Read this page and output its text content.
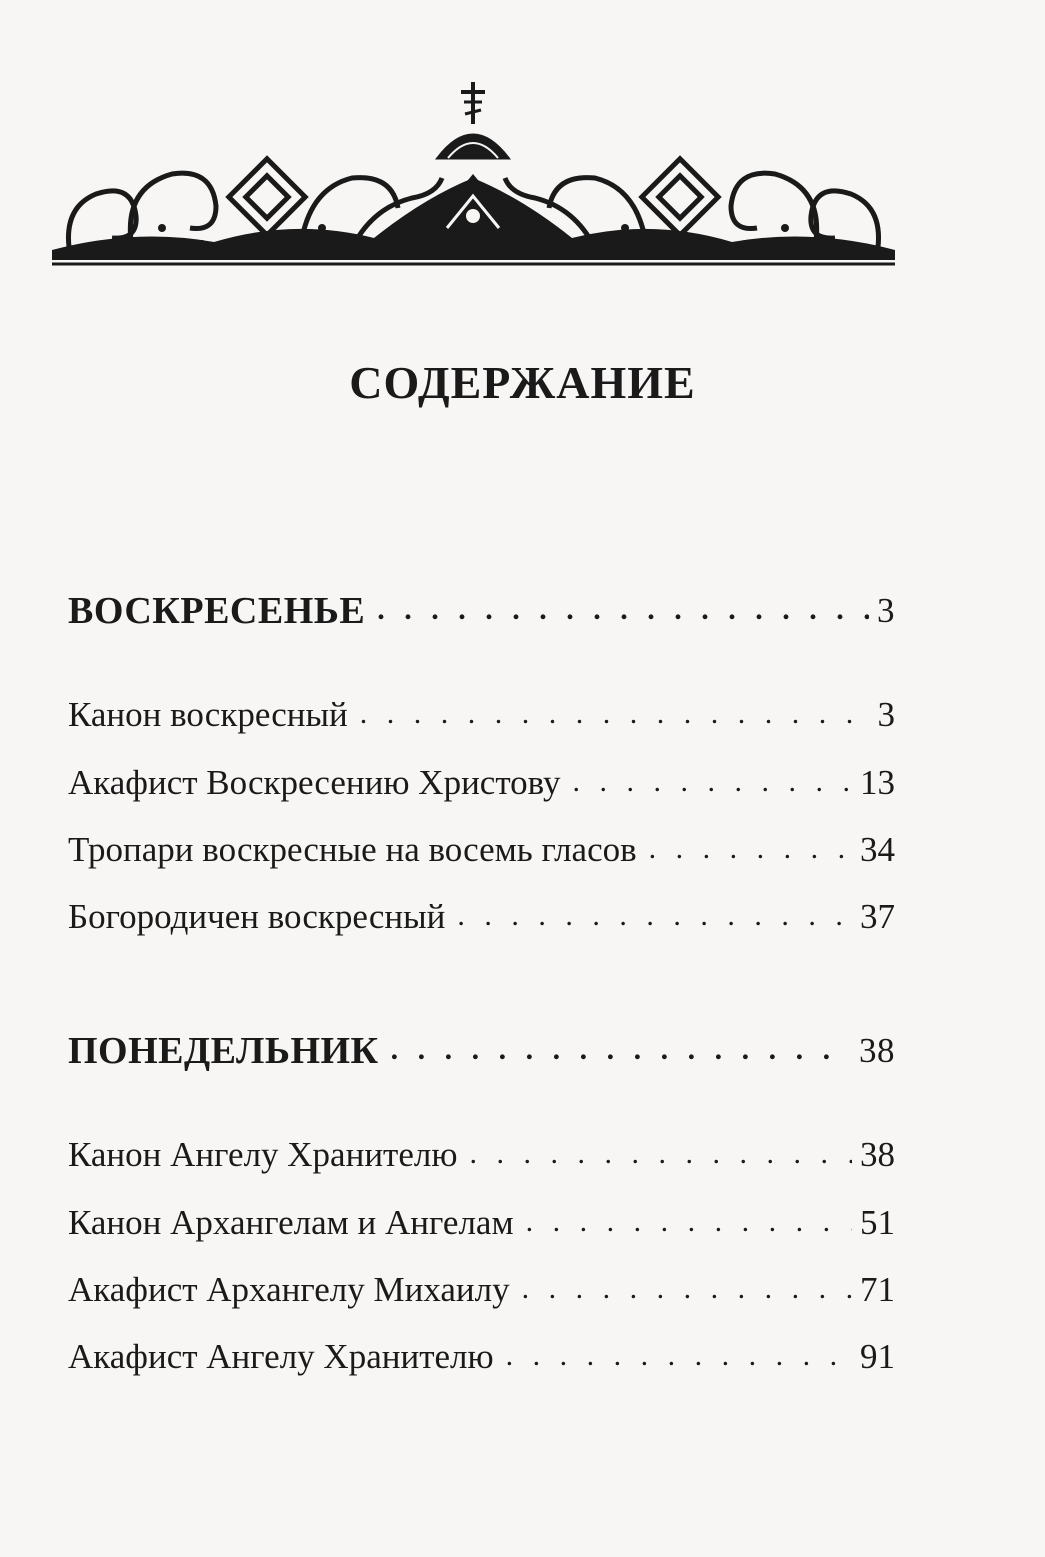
СОДЕРЖАНИЕ
ВОСКРЕСЕНЬЕ . . .	3
Канон воскресный . . .	3
Акафист Воскресению Христову . . .	13
Тропари воскресные на восемь гласов . . .	34
Богородичен воскресный . . .	37
ПОНЕДЕЛЬНИК . . .	38
Канон Ангелу Хранителю . . .	38
Канон Архангелам и Ангелам . . .	51
Акафист Архангелу Михаилу . . .	71
Акафист Ангелу Хранителю . . .	91
